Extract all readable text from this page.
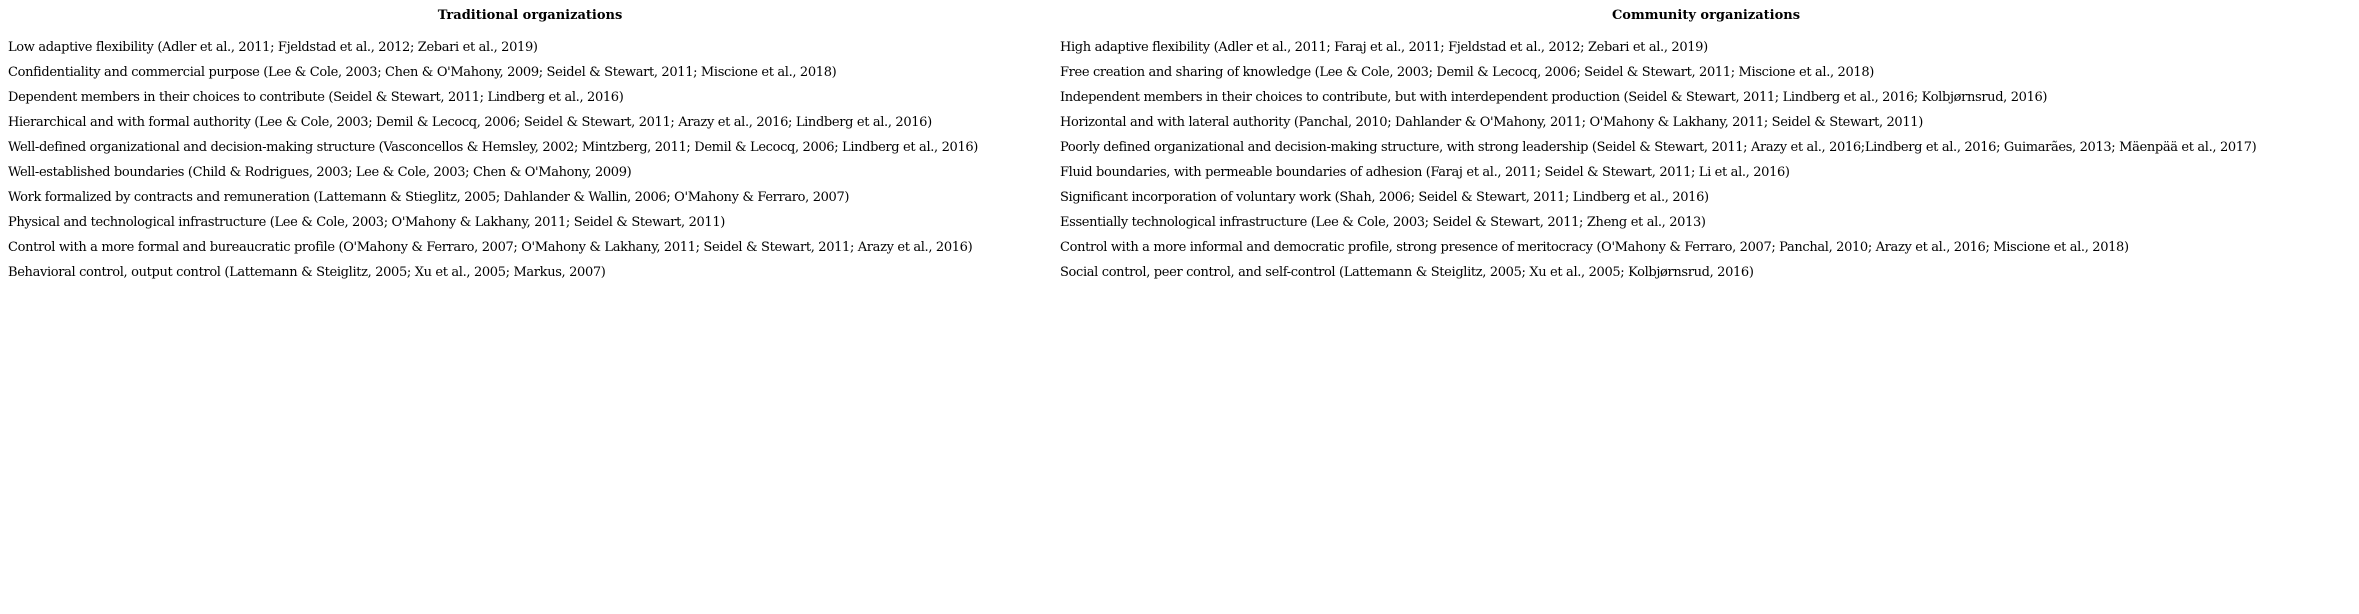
Traditional organizations	Community organizations
Low adaptive flexibility (Adler et al., 2011; Fjeldstad et al., 2012; Zebari et al., 2019)	High adaptive flexibility (Adler et al., 2011; Faraj et al., 2011; Fjeldstad et al., 2012; Zebari et al., 2019)
Confidentiality and commercial purpose (Lee & Cole, 2003; Chen & O'Mahony, 2009; Seidel & Stewart, 2011; Miscione et al., 2018)	Free creation and sharing of knowledge (Lee & Cole, 2003; Demil & Lecocq, 2006; Seidel & Stewart, 2011; Miscione et al., 2018)
Dependent members in their choices to contribute (Seidel & Stewart, 2011; Lindberg et al., 2016)	Independent members in their choices to contribute, but with interdependent production (Seidel & Stewart, 2011; Lindberg et al., 2016; Kolbjørnsrud, 2016)
Hierarchical and with formal authority (Lee & Cole, 2003; Demil & Lecocq, 2006; Seidel & Stewart, 2011; Arazy et al., 2016; Lindberg et al., 2016)	Horizontal and with lateral authority (Panchal, 2010; Dahlander & O'Mahony, 2011; O'Mahony & Lakhany, 2011; Seidel & Stewart, 2011)
Well-defined organizational and decision-making structure (Vasconcellos & Hemsley, 2002; Mintzberg, 2011; Demil & Lecocq, 2006; Lindberg et al., 2016)	Poorly defined organizational and decision-making structure, with strong leadership (Seidel & Stewart, 2011; Arazy et al., 2016;Lindberg et al., 2016; Guimarães, 2013; Mäenpää et al., 2017)
Well-established boundaries (Child & Rodrigues, 2003; Lee & Cole, 2003; Chen & O'Mahony, 2009)	Fluid boundaries, with permeable boundaries of adhesion (Faraj et al., 2011; Seidel & Stewart, 2011; Li et al., 2016)
Work formalized by contracts and remuneration (Lattemann & Stieglitz, 2005; Dahlander & Wallin, 2006; O'Mahony & Ferraro, 2007)	Significant incorporation of voluntary work (Shah, 2006; Seidel & Stewart, 2011; Lindberg et al., 2016)
Physical and technological infrastructure (Lee & Cole, 2003; O'Mahony & Lakhany, 2011; Seidel & Stewart, 2011)	Essentially technological infrastructure (Lee & Cole, 2003; Seidel & Stewart, 2011; Zheng et al., 2013)
Control with a more formal and bureaucratic profile (O'Mahony & Ferraro, 2007; O'Mahony & Lakhany, 2011; Seidel & Stewart, 2011; Arazy et al., 2016)	Control with a more informal and democratic profile, strong presence of meritocracy (O'Mahony & Ferraro, 2007; Panchal, 2010; Arazy et al., 2016; Miscione et al., 2018)
Behavioral control, output control (Lattemann & Steiglitz, 2005; Xu et al., 2005; Markus, 2007)	Social control, peer control, and self-control (Lattemann & Steiglitz, 2005; Xu et al., 2005; Kolbjørnsrud, 2016)
